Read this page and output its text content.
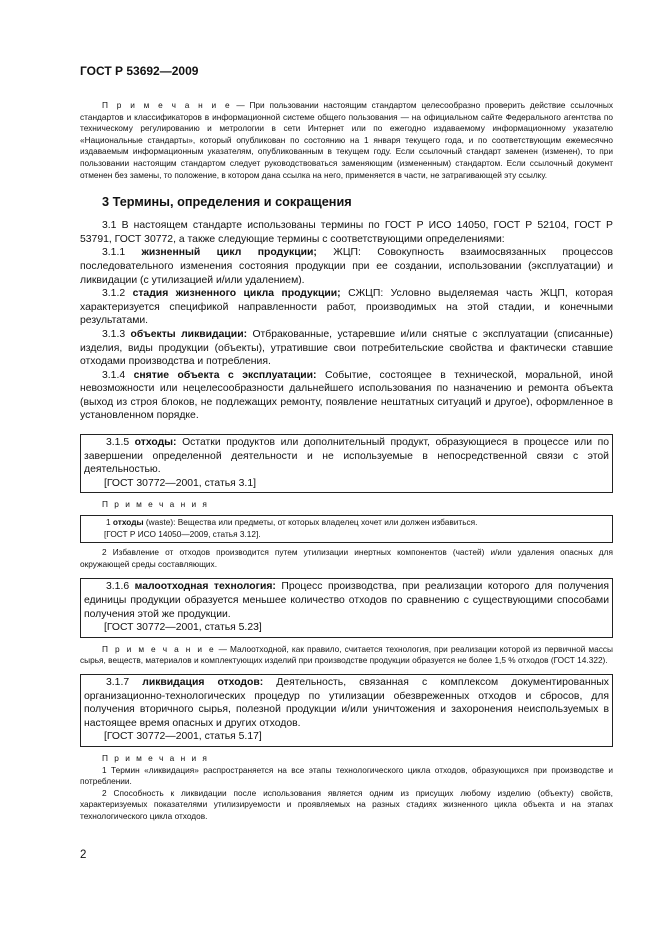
ГОСТ Р 53692—2009

П р и м е ч а н и е — При пользовании настоящим стандартом целесообразно проверить действие ссылочных стандартов и классификаторов в информационной системе общего пользования — на официальном сайте Федерального агентства по техническому регулированию и метрологии в сети Интернет или по ежегодно издаваемому информационному указателю «Национальные стандарты», который опубликован по состоянию на 1 января текущего года, и по соответствующим ежемесячно издаваемым информационным указателям, опубликованным в текущем году. Если ссылочный стандарт заменен (изменен), то при пользовании настоящим стандартом следует руководствоваться заменяющим (измененным) стандартом. Если ссылочный документ отменен без замены, то положение, в котором дана ссылка на него, применяется в части, не затрагивающей эту ссылку.

3 Термины, определения и сокращения

3.1 В настоящем стандарте использованы термины по ГОСТ Р ИСО 14050, ГОСТ Р 52104, ГОСТ Р 53791, ГОСТ 30772, а также следующие термины с соответствующими определениями:

3.1.1 жизненный цикл продукции; ЖЦП: Совокупность взаимосвязанных процессов последовательного изменения состояния продукции при ее создании, использовании (эксплуатации) и ликвидации (с утилизацией и/или удалением).

3.1.2 стадия жизненного цикла продукции; СЖЦП: Условно выделяемая часть ЖЦП, которая характеризуется спецификой направленности работ, производимых на этой стадии, и конечными результатами.

3.1.3 объекты ликвидации: Отбракованные, устаревшие и/или снятые с эксплуатации (списанные) изделия, виды продукции (объекты), утратившие свои потребительские свойства и фактически ставшие отходами производства и потребления.

3.1.4 снятие объекта с эксплуатации: Событие, состоящее в технической, моральной, иной невозможности или нецелесообразности дальнейшего использования по назначению и ремонта объекта (выход из строя блоков, не подлежащих ремонту, появление нештатных ситуаций и другое), оформленное в установленном порядке.

3.1.5 отходы: Остатки продуктов или дополнительный продукт, образующиеся в процессе или по завершении определенной деятельности и не используемые в непосредственной связи с этой деятельностью.

[ГОСТ 30772—2001, статья 3.1]

П р и м е ч а н и я

1 отходы (waste): Вещества или предметы, от которых владелец хочет или должен избавиться.

[ГОСТ Р ИСО 14050—2009, статья 3.12].

2 Избавление от отходов производится путем утилизации инертных компонентов (частей) и/или удаления опасных для окружающей среды составляющих.

3.1.6 малоотходная технология: Процесс производства, при реализации которого для получения единицы продукции образуется меньшее количество отходов по сравнению с существующими способами получения этой же продукции.

[ГОСТ 30772—2001, статья 5.23]

П р и м е ч а н и е — Малоотходной, как правило, считается технология, при реализации которой из первичной массы сырья, веществ, материалов и комплектующих изделий при производстве продукции образуется не более 1,5 % отходов (ГОСТ 14.322).

3.1.7 ликвидация отходов: Деятельность, связанная с комплексом документированных организационно-технологических процедур по утилизации обезвреженных отходов и сбросов, для получения вторичного сырья, полезной продукции и/или уничтожения и захоронения неиспользуемых в настоящее время опасных и других отходов.

[ГОСТ 30772—2001, статья 5.17]

П р и м е ч а н и я

1 Термин «ликвидация» распространяется на все этапы технологического цикла отходов, образующихся при производстве и потреблении.

2 Способность к ликвидации после использования является одним из присущих любому изделию (объекту) свойств, характеризуемых показателями утилизируемости и проявляемых на разных стадиях жизненного цикла объекта и на этапах технологического цикла отходов.

2
